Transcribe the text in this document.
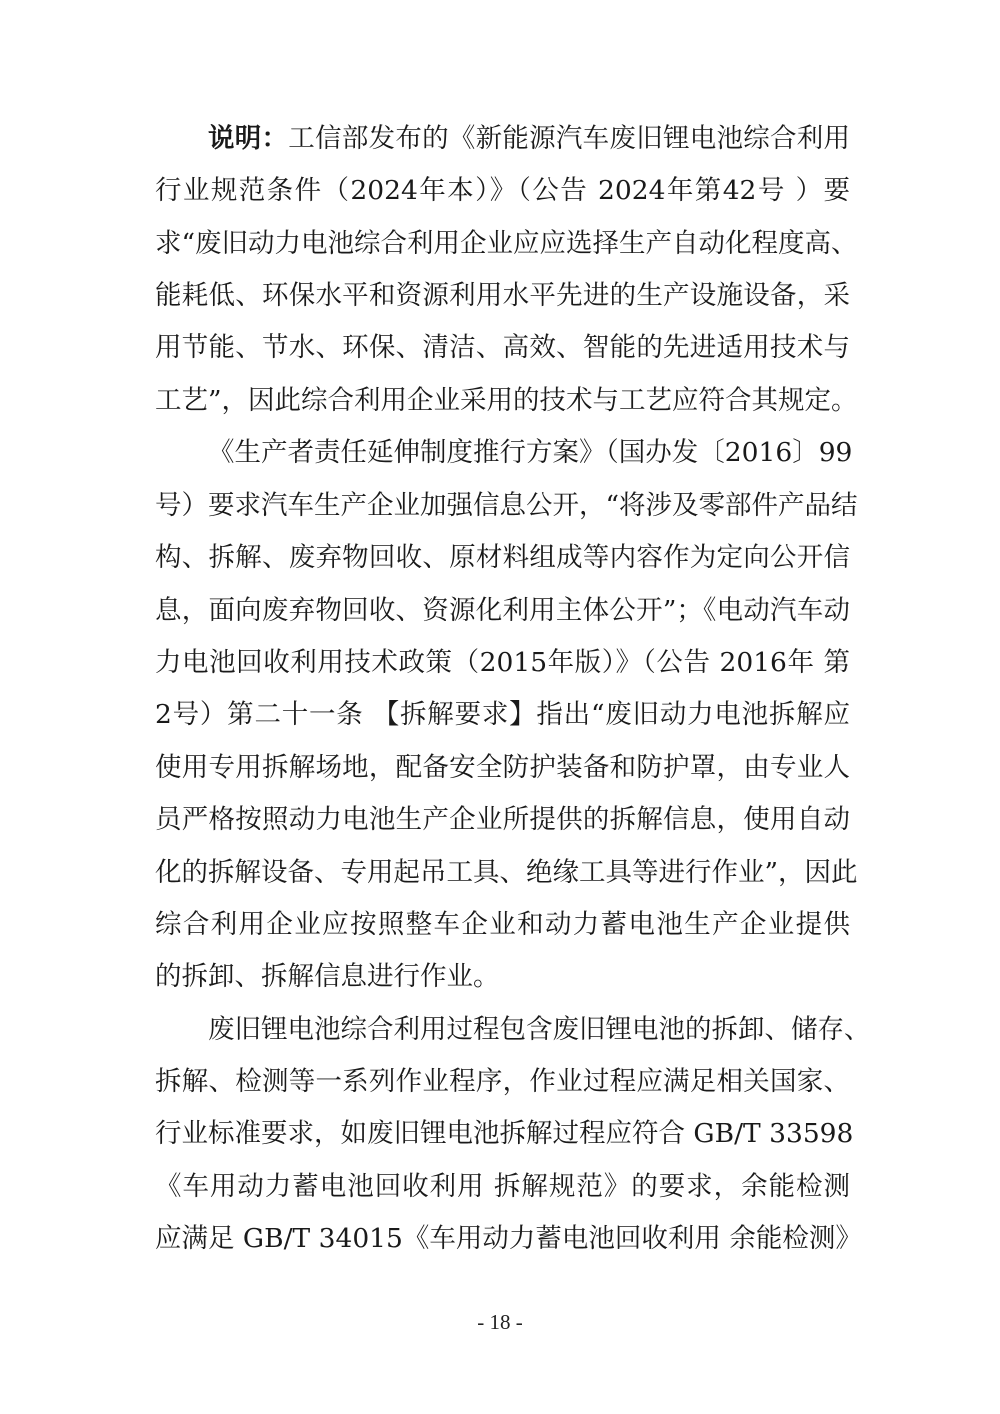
说明：工信部发布的《新能源汽车废旧锂电池综合利用
行业规范条件（2024年本）》（公告 2024年第42号 ）要
求“废旧动力电池综合利用企业应应选择生产自动化程度高、
能耗低、环保水平和资源利用水平先进的生产设施设备，采
用节能、节水、环保、清洁、高效、智能的先进适用技术与
工艺”，因此综合利用企业采用的技术与工艺应符合其规定。
《生产者责任延伸制度推行方案》（国办发〔2016〕99
号）要求汽车生产企业加强信息公开，“将涉及零部件产品结
构、拆解、废弃物回收、原材料组成等内容作为定向公开信
息，面向废弃物回收、资源化利用主体公开”；《电动汽车动
力电池回收利用技术政策（2015年版）》（公告 2016年 第
2号）第二十一条 【拆解要求】指出“废旧动力电池拆解应
使用专用拆解场地，配备安全防护装备和防护罩，由专业人
员严格按照动力电池生产企业所提供的拆解信息，使用自动
化的拆解设备、专用起吊工具、绝缘工具等进行作业”，因此
综合利用企业应按照整车企业和动力蓄电池生产企业提供
的拆卸、拆解信息进行作业。
废旧锂电池综合利用过程包含废旧锂电池的拆卸、储存、
拆解、检测等一系列作业程序，作业过程应满足相关国家、
行业标准要求，如废旧锂电池拆解过程应符合 GB/T 33598
《车用动力蓄电池回收利用 拆解规范》的要求，余能检测
应满足 GB/T 34015《车用动力蓄电池回收利用 余能检测》
- 18 -
